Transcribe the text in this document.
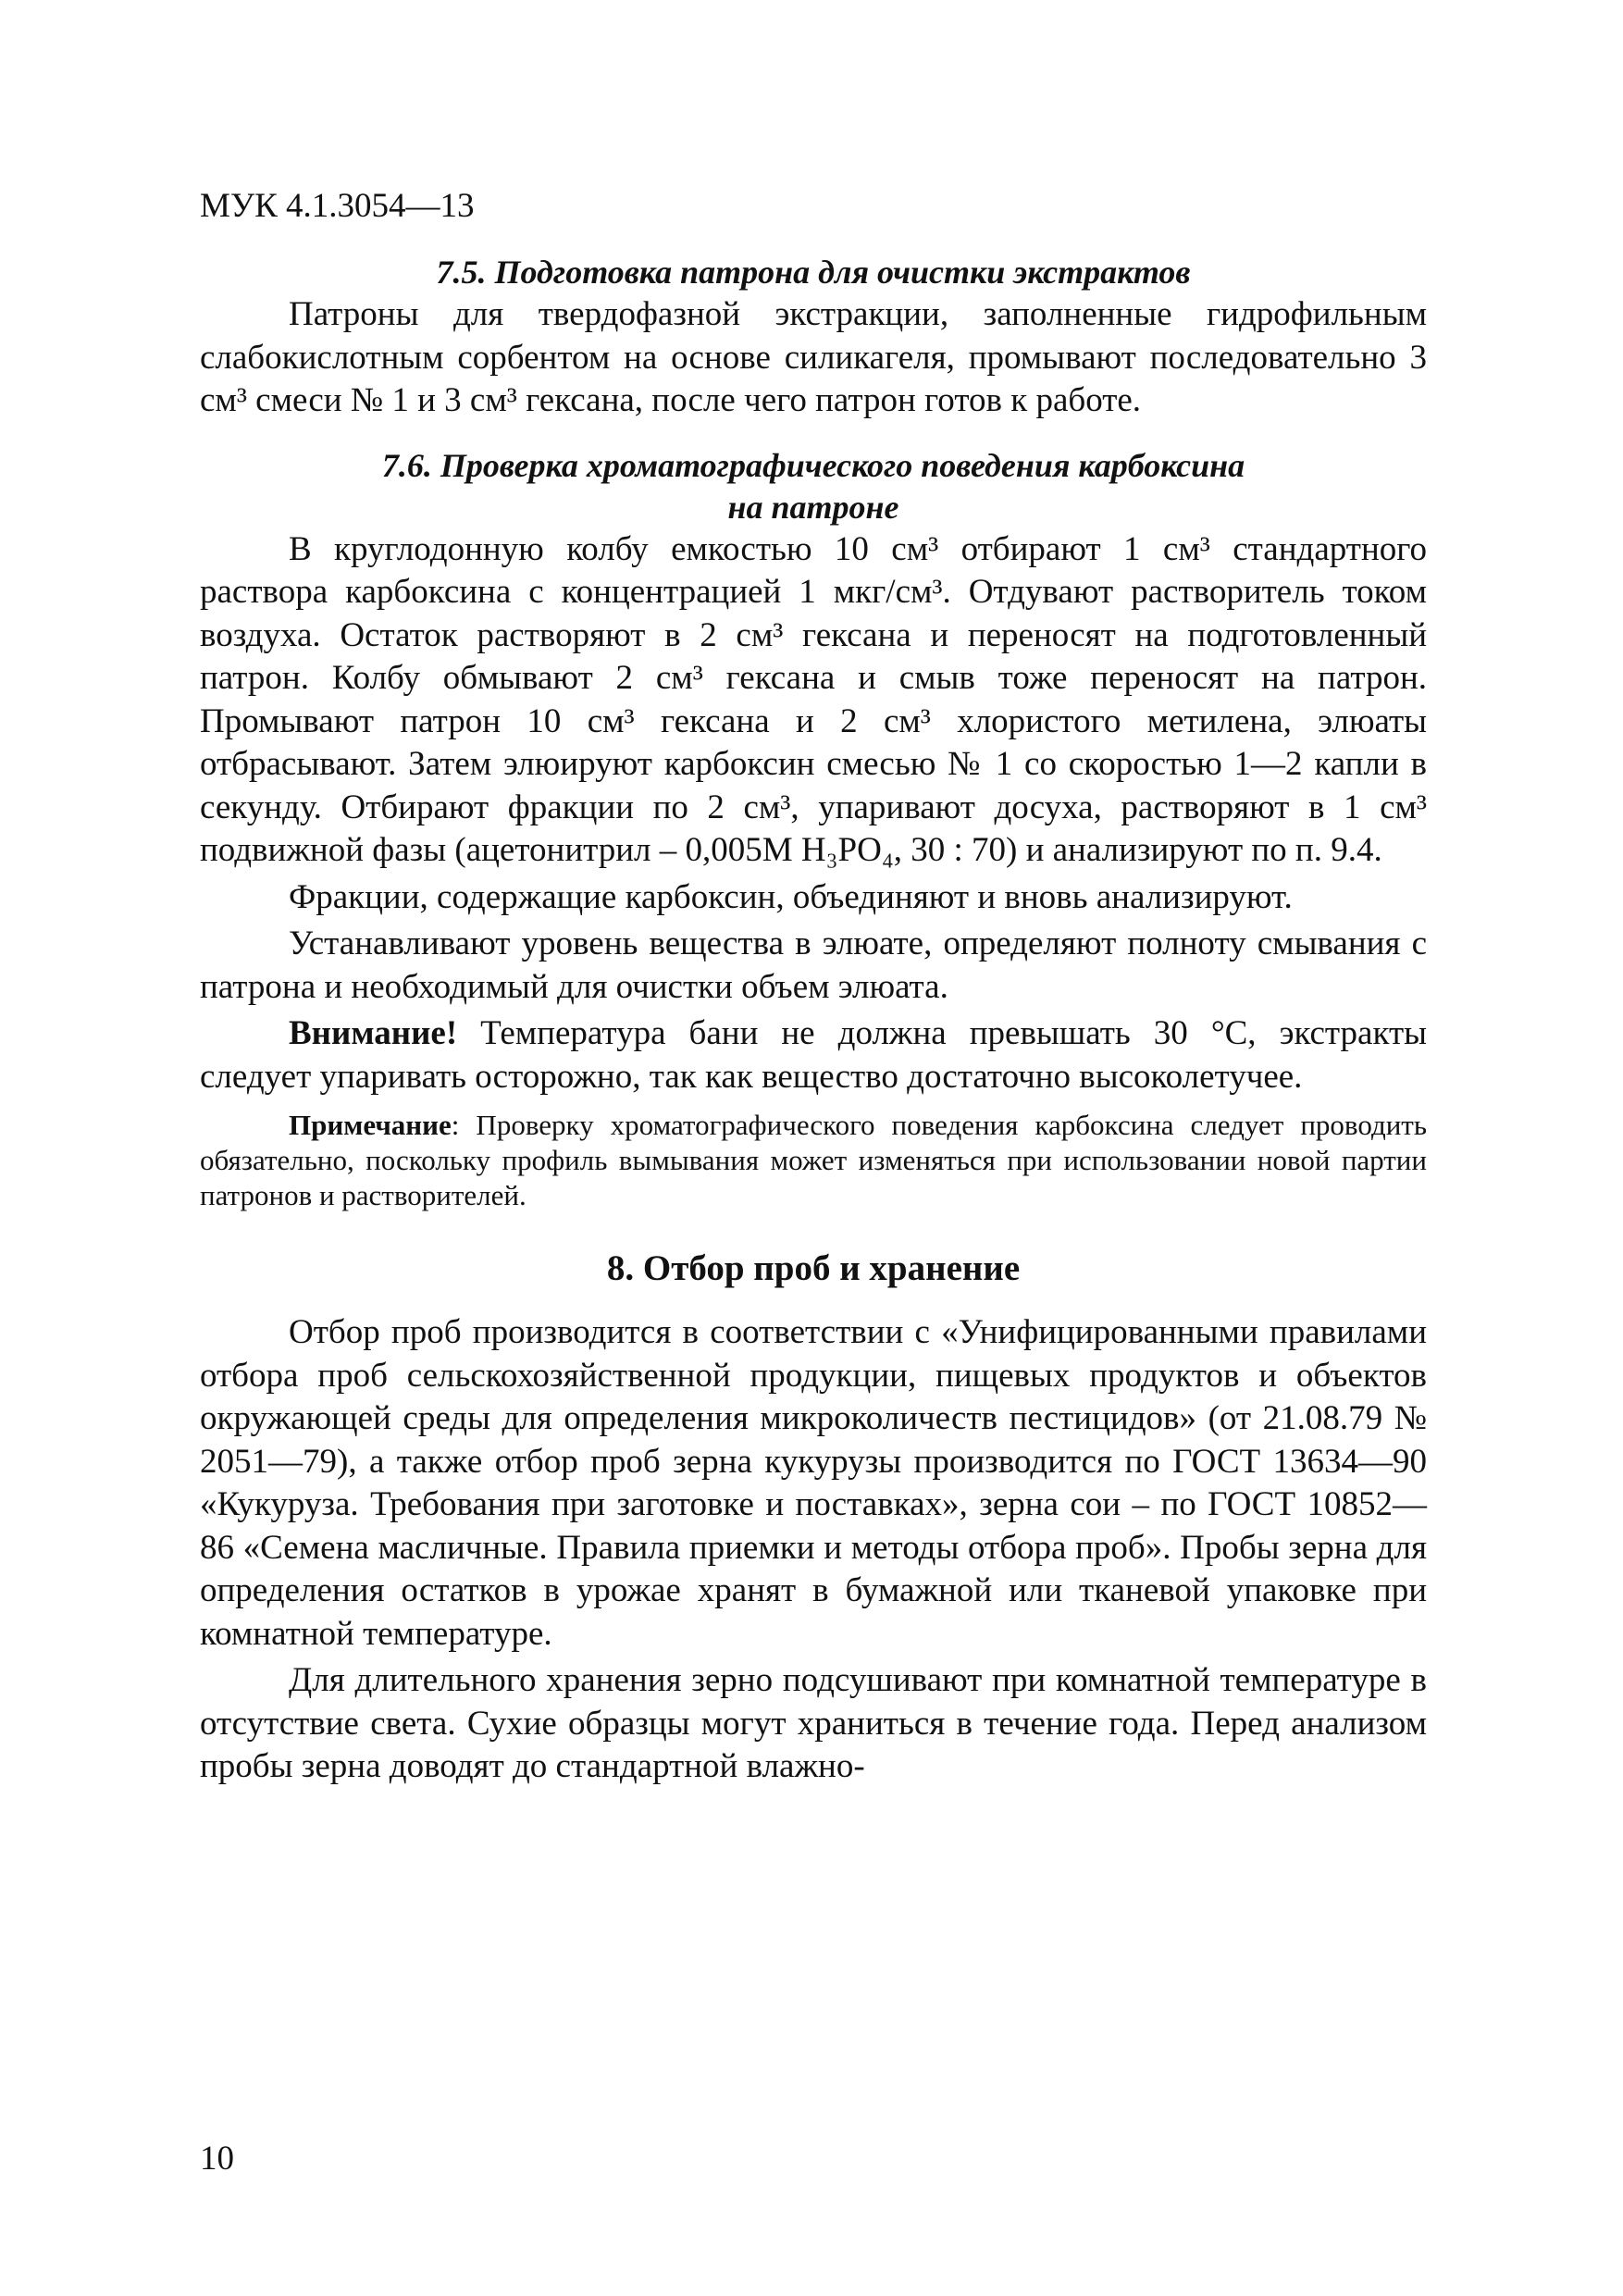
МУК 4.1.3054—13
7.5. Подготовка патрона для очистки экстрактов

Патроны для твердофазной экстракции, заполненные гидрофильным слабокислотным сорбентом на основе силикагеля, промывают последовательно 3 см³ смеси № 1 и 3 см³ гексана, после чего патрон готов к работе.

7.6. Проверка хроматографического поведения карбоксина
на патроне

В круглодонную колбу емкостью 10 см³ отбирают 1 см³ стандартного раствора карбоксина с концентрацией 1 мкг/см³. Отдувают растворитель током воздуха. Остаток растворяют в 2 см³ гексана и переносят на подготовленный патрон. Колбу обмывают 2 см³ гексана и смыв тоже переносят на патрон. Промывают патрон 10 см³ гексана и 2 см³ хлористого метилена, элюаты отбрасывают. Затем элюируют карбоксин смесью № 1 со скоростью 1—2 капли в секунду. Отбирают фракции по 2 см³, упаривают досуха, растворяют в 1 см³ подвижной фазы (ацетонитрил – 0,005М H₃PO₄, 30 : 70) и анализируют по п. 9.4.

Фракции, содержащие карбоксин, объединяют и вновь анализируют.

Устанавливают уровень вещества в элюате, определяют полноту смывания с патрона и необходимый для очистки объем элюата.

Внимание! Температура бани не должна превышать 30 °С, экстракты следует упаривать осторожно, так как вещество достаточно высоколетучее.

Примечание: Проверку хроматографического поведения карбоксина следует проводить обязательно, поскольку профиль вымывания может изменяться при использовании новой партии патронов и растворителей.

8. Отбор проб и хранение

Отбор проб производится в соответствии с «Унифицированными правилами отбора проб сельскохозяйственной продукции, пищевых продуктов и объектов окружающей среды для определения микроколичеств пестицидов» (от 21.08.79 № 2051—79), а также отбор проб зерна кукурузы производится по ГОСТ 13634—90 «Кукуруза. Требования при заготовке и поставках», зерна сои – по ГОСТ 10852—86 «Семена масличные. Правила приемки и методы отбора проб». Пробы зерна для определения остатков в урожае хранят в бумажной или тканевой упаковке при комнатной температуре.

Для длительного хранения зерно подсушивают при комнатной температуре в отсутствие света. Сухие образцы могут храниться в течение года. Перед анализом пробы зерна доводят до стандартной влажно-

10
